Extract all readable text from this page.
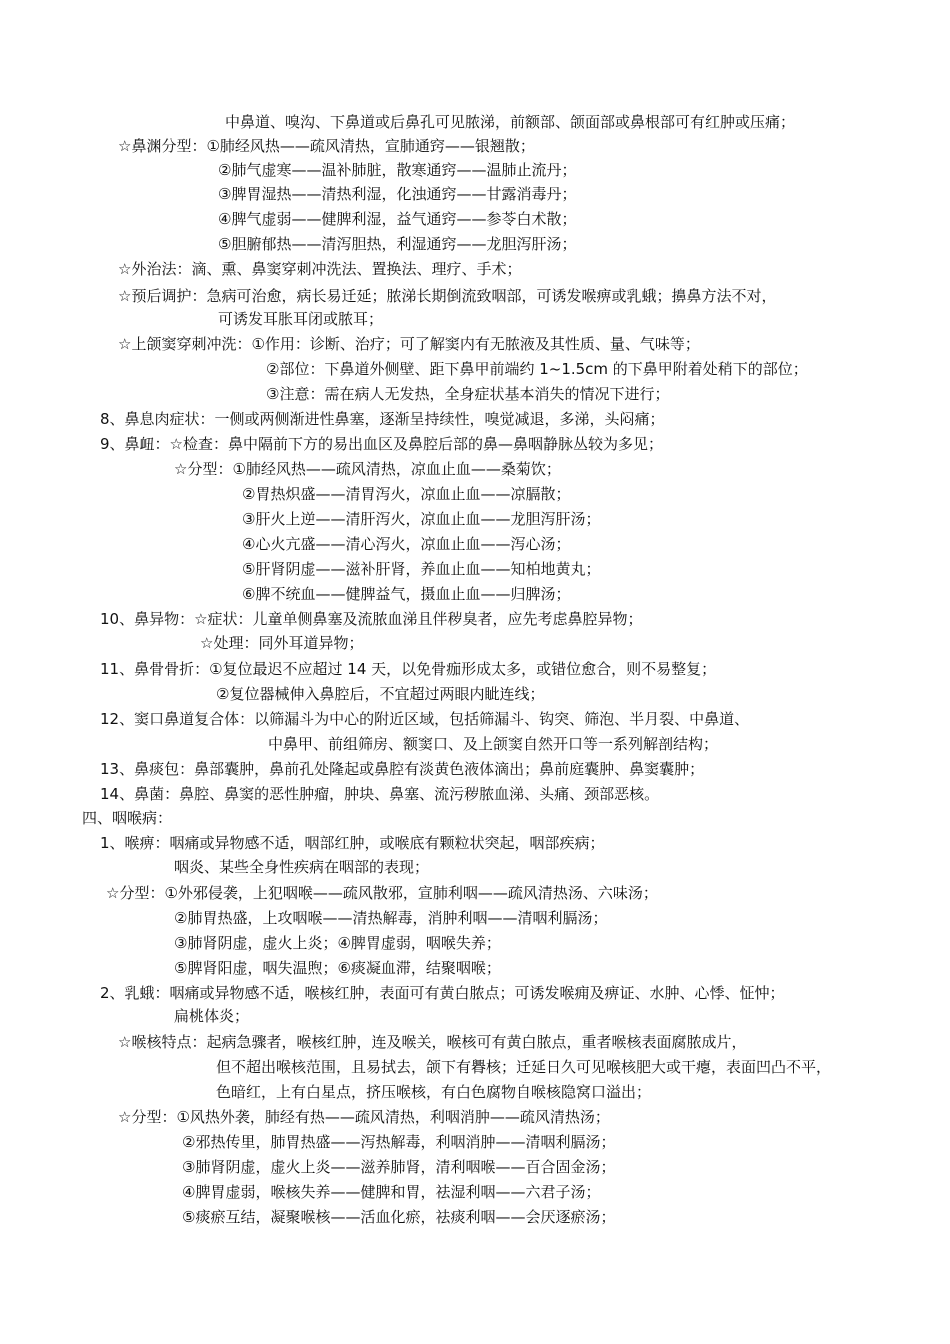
中鼻道、嗅沟、下鼻道或后鼻孔可见脓涕，前额部、颌面部或鼻根部可有红肿或压痛；
☆鼻渊分型：①肺经风热——疏风清热，宣肺通窍——银翘散；
②肺气虚寒——温补肺脏，散寒通窍——温肺止流丹；
③脾胃湿热——清热利湿，化浊通窍——甘露消毒丹；
④脾气虚弱——健脾利湿，益气通窍——参苓白术散；
⑤胆腑郁热——清泻胆热，利湿通窍——龙胆泻肝汤；
☆外治法：滴、熏、鼻窦穿刺冲洗法、置换法、理疗、手术；
☆预后调护：急病可治愈，病长易迁延；脓涕长期倒流致咽部，可诱发喉痹或乳蛾；擤鼻方法不对，
可诱发耳胀耳闭或脓耳；
☆上颌窦穿刺冲洗：①作用：诊断、治疗；可了解窦内有无脓液及其性质、量、气味等；
②部位：下鼻道外侧壁、距下鼻甲前端约 1~1.5cm 的下鼻甲附着处稍下的部位；
③注意：需在病人无发热，全身症状基本消失的情况下进行；
8、鼻息肉症状：一侧或两侧渐进性鼻塞，逐渐呈持续性，嗅觉减退，多涕，头闷痛；
9、鼻衄：☆检查：鼻中隔前下方的易出血区及鼻腔后部的鼻—鼻咽静脉丛较为多见；
☆分型：①肺经风热——疏风清热，凉血止血——桑菊饮；
②胃热炽盛——清胃泻火，凉血止血——凉膈散；
③肝火上逆——清肝泻火，凉血止血——龙胆泻肝汤；
④心火亢盛——清心泻火，凉血止血——泻心汤；
⑤肝肾阴虚——滋补肝肾，养血止血——知柏地黄丸；
⑥脾不统血——健脾益气，摄血止血——归脾汤；
10、鼻异物：☆症状：儿童单侧鼻塞及流脓血涕且伴秽臭者，应先考虑鼻腔异物；
☆处理：同外耳道异物；
11、鼻骨骨折：①复位最迟不应超过 14 天，以免骨痂形成太多，或错位愈合，则不易整复；
②复位器械伸入鼻腔后，不宜超过两眼内眦连线；
12、窦口鼻道复合体：以筛漏斗为中心的附近区域，包括筛漏斗、钩突、筛泡、半月裂、中鼻道、
中鼻甲、前组筛房、额窦口、及上颌窦自然开口等一系列解剖结构；
13、鼻痰包：鼻部囊肿，鼻前孔处隆起或鼻腔有淡黄色液体滴出；鼻前庭囊肿、鼻窦囊肿；
14、鼻菌：鼻腔、鼻窦的恶性肿瘤，肿块、鼻塞、流污秽脓血涕、头痛、颈部恶核。
四、咽喉病：
1、喉痹：咽痛或异物感不适，咽部红肿，或喉底有颗粒状突起，咽部疾病；
咽炎、某些全身性疾病在咽部的表现；
☆分型：①外邪侵袭，上犯咽喉——疏风散邪，宣肺利咽——疏风清热汤、六味汤；
②肺胃热盛，上攻咽喉——清热解毒，消肿利咽——清咽利膈汤；
③肺肾阴虚，虚火上炎；④脾胃虚弱，咽喉失养；
⑤脾肾阳虚，咽失温煦；⑥痰凝血滞，结聚咽喉；
2、乳蛾：咽痛或异物感不适，喉核红肿，表面可有黄白脓点；可诱发喉痈及痹证、水肿、心悸、怔忡；
扁桃体炎；
☆喉核特点：起病急骤者，喉核红肿，连及喉关，喉核可有黄白脓点，重者喉核表面腐脓成片，
但不超出喉核范围，且易拭去，颌下有臖核；迁延日久可见喉核肥大或干瘪，表面凹凸不平，
色暗红，上有白星点，挤压喉核，有白色腐物自喉核隐窝口溢出；
☆分型：①风热外袭，肺经有热——疏风清热，利咽消肿——疏风清热汤；
②邪热传里，肺胃热盛——泻热解毒，利咽消肿——清咽利膈汤；
③肺肾阴虚，虚火上炎——滋养肺肾，清利咽喉——百合固金汤；
④脾胃虚弱，喉核失养——健脾和胃，祛湿利咽——六君子汤；
⑤痰瘀互结，凝聚喉核——活血化瘀，祛痰利咽——会厌逐瘀汤；
